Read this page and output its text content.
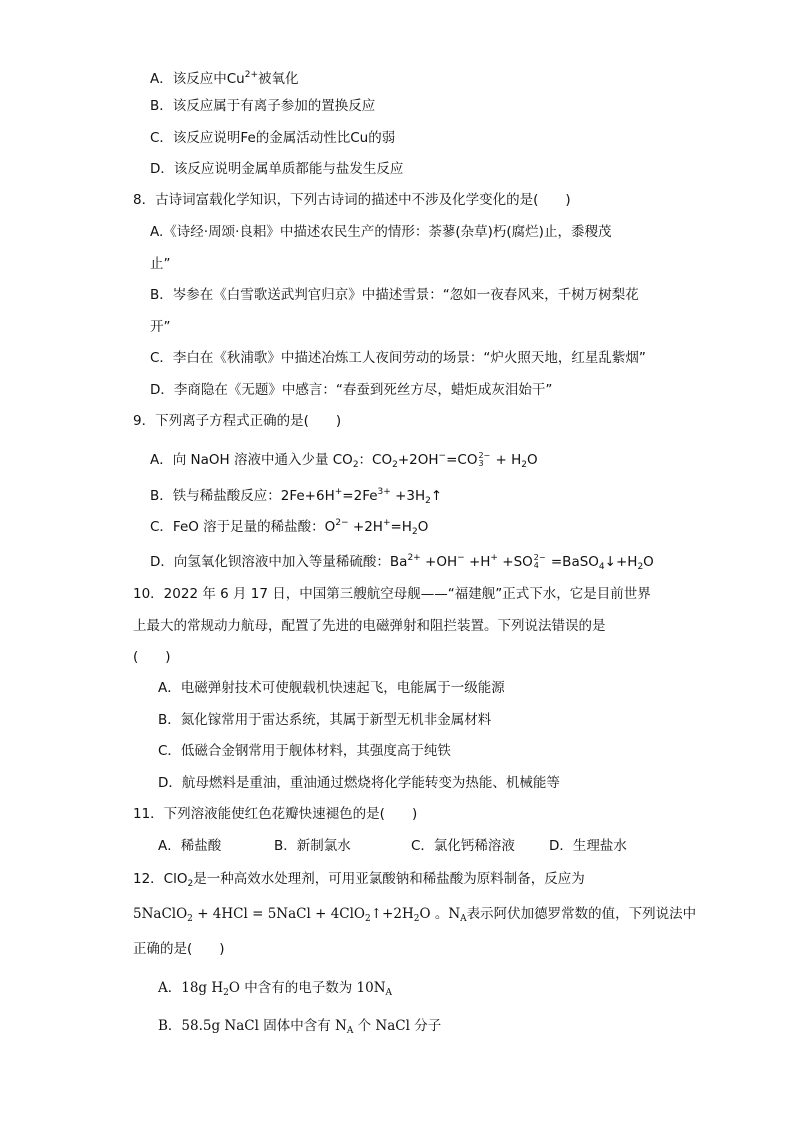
A．该反应中$Cu^{2+}$被氧化
B．该反应属于有离子参加的置换反应
C．该反应说明Fe的金属活动性比Cu的弱
D．该反应说明金属单质都能与盐发生反应
8．古诗词富载化学知识，下列古诗词的描述中不涉及化学变化的是(　　)
A.《诗经·周颂·良耜》中描述农民生产的情形：荼蓼(杂草)朽(腐烂)止，黍稷茂
止”
B．岑参在《白雪歌送武判官归京》中描述雪景：“忽如一夜春风来，千树万树梨花
开”
C．李白在《秋浦歌》中描述冶炼工人夜间劳动的场景：“炉火照天地，红星乱紫烟”
D．李商隐在《无题》中感言：“春蚕到死丝方尽，蜡炬成灰泪始干”
9．下列离子方程式正确的是(　　)
A．向 NaOH 溶液中通入少量 $CO_2$：$CO_2+2OH^-=CO$ 2−
$3 + H_2O$
B．铁与稀盐酸反应：$2Fe+6H^+=2Fe^{3+}$ $+3H_2↑$
C．FeO 溶于足量的稀盐酸：$O^{2-} +2H^+=H_2O$
D．向氢氧化钡溶液中加入等量稀硫酸：$Ba^{2+} +OH^- +H^+ +SO$ 2−
$4 =BaSO_4↓+H_2O$
10．2022 年 6 月 17 日，中国第三艘航空母舰——“福建舰”正式下水，它是目前世界
上最大的常规动力航母，配置了先进的电磁弹射和阻拦装置。下列说法错误的是
(　　)
A．电磁弹射技术可使舰载机快速起飞，电能属于一级能源
B．氮化镓常用于雷达系统，其属于新型无机非金属材料
C．低磁合金钢常用于舰体材料，其强度高于纯铁
D．航母燃料是重油，重油通过燃烧将化学能转变为热能、机械能等
11．下列溶液能使红色花瓣快速褪色的是(　　)
A．稀盐酸	B．新制氯水	C．氯化钙稀溶液	D．生理盐水
12．ClO$_2$是一种高效水处理剂，可用亚氯酸钠和稀盐酸为原料制备，反应为
5NaClO$_2$ + 4HCl = 5NaCl + $4ClO_2↑+2H_2O$ 。$N_A$表示阿伏加德罗常数的值，下列说法中
正确的是(　　)
A．18g $H_2O$ 中含有的电子数为 $10N_A$
B．58.5g NaCl 固体中含有 $N_A$ 个 NaCl 分子
